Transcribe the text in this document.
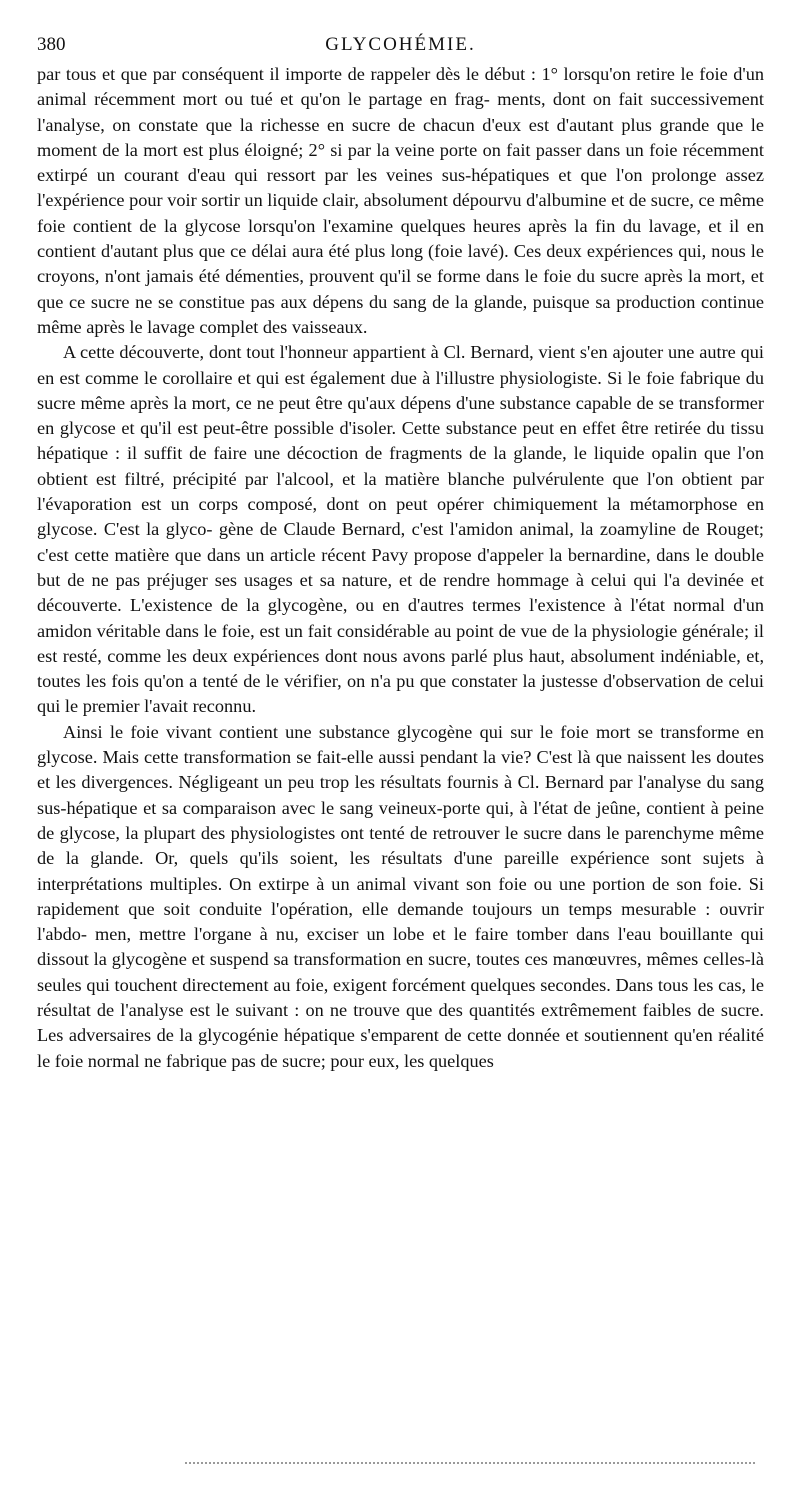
380	GLYCOHÉMIE.

par tous et que par conséquent il importe de rappeler dès le début : 1° lorsqu'on retire le foie d'un animal récemment mort ou tué et qu'on le partage en frag- ments, dont on fait successivement l'analyse, on constate que la richesse en sucre de chacun d'eux est d'autant plus grande que le moment de la mort est plus éloigné; 2° si par la veine porte on fait passer dans un foie récemment extirpé un courant d'eau qui ressort par les veines sus-hépatiques et que l'on prolonge assez l'expérience pour voir sortir un liquide clair, absolument dépourvu d'albumine et de sucre, ce même foie contient de la glycose lorsqu'on l'examine quelques heures après la fin du lavage, et il en contient d'autant plus que ce délai aura été plus long (foie lavé). Ces deux expériences qui, nous le croyons, n'ont jamais été démenties, prouvent qu'il se forme dans le foie du sucre après la mort, et que ce sucre ne se constitue pas aux dépens du sang de la glande, puisque sa production continue même après le lavage complet des vaisseaux.

A cette découverte, dont tout l'honneur appartient à Cl. Bernard, vient s'en ajouter une autre qui en est comme le corollaire et qui est également due à l'illustre physiologiste. Si le foie fabrique du sucre même après la mort, ce ne peut être qu'aux dépens d'une substance capable de se transformer en glycose et qu'il est peut-être possible d'isoler. Cette substance peut en effet être retirée du tissu hépatique : il suffit de faire une décoction de fragments de la glande, le liquide opalin que l'on obtient est filtré, précipité par l'alcool, et la matière blanche pulvérulente que l'on obtient par l'évaporation est un corps composé, dont on peut opérer chimiquement la métamorphose en glycose. C'est la glyco- gène de Claude Bernard, c'est l'amidon animal, la zoamyline de Rouget; c'est cette matière que dans un article récent Pavy propose d'appeler la bernardine, dans le double but de ne pas préjuger ses usages et sa nature, et de rendre hommage à celui qui l'a devinée et découverte. L'existence de la glycogène, ou en d'autres termes l'existence à l'état normal d'un amidon véritable dans le foie, est un fait considérable au point de vue de la physiologie générale; il est resté, comme les deux expériences dont nous avons parlé plus haut, absolument indéniable, et, toutes les fois qu'on a tenté de le vérifier, on n'a pu que constater la justesse d'observation de celui qui le premier l'avait reconnu.

Ainsi le foie vivant contient une substance glycogène qui sur le foie mort se transforme en glycose. Mais cette transformation se fait-elle aussi pendant la vie? C'est là que naissent les doutes et les divergences. Négligeant un peu trop les résultats fournis à Cl. Bernard par l'analyse du sang sus-hépatique et sa comparaison avec le sang veineux-porte qui, à l'état de jeûne, contient à peine de glycose, la plupart des physiologistes ont tenté de retrouver le sucre dans le parenchyme même de la glande. Or, quels qu'ils soient, les résultats d'une pareille expérience sont sujets à interprétations multiples. On extirpe à un animal vivant son foie ou une portion de son foie. Si rapidement que soit conduite l'opération, elle demande toujours un temps mesurable : ouvrir l'abdo- men, mettre l'organe à nu, exciser un lobe et le faire tomber dans l'eau bouillante qui dissout la glycogène et suspend sa transformation en sucre, toutes ces manœuvres, mêmes celles-là seules qui touchent directement au foie, exigent forcément quelques secondes. Dans tous les cas, le résultat de l'analyse est le suivant : on ne trouve que des quantités extrêmement faibles de sucre. Les adversaires de la glycogénie hépatique s'emparent de cette donnée et soutiennent qu'en réalité le foie normal ne fabrique pas de sucre; pour eux, les quelques
